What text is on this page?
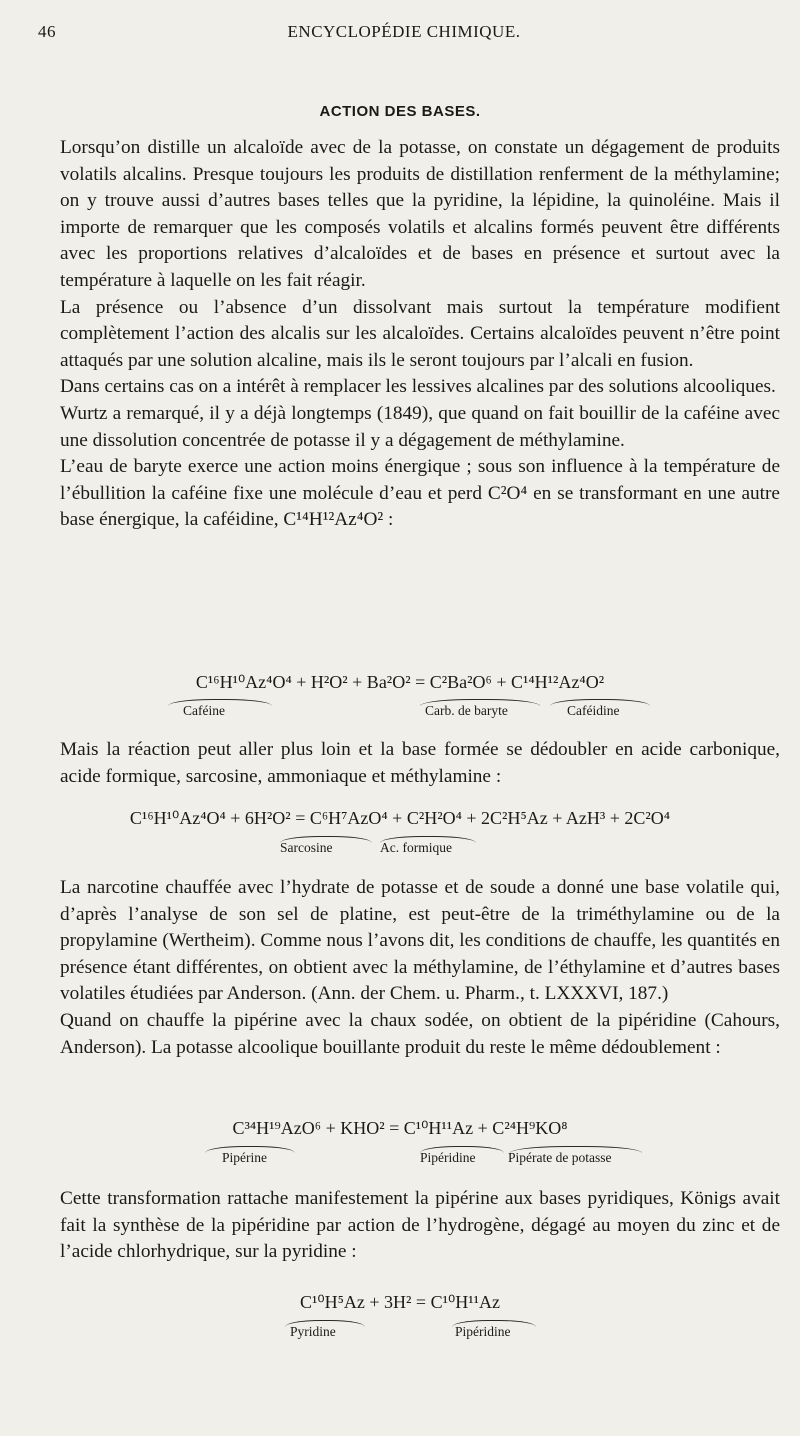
46	ENCYCLOPÉDIE CHIMIQUE.
ACTION DES BASES.

Lorsqu’on distille un alcaloïde avec de la potasse, on constate un dégagement de produits volatils alcalins. Presque toujours les produits de distillation renferment de la méthylamine; on y trouve aussi d’autres bases telles que la pyridine, la lépidine, la quinoléine. Mais il importe de remarquer que les composés volatils et alcalins formés peuvent être différents avec les proportions relatives d’alcaloïdes et de bases en présence et surtout avec la température à laquelle on les fait réagir.

La présence ou l’absence d’un dissolvant mais surtout la température modifient complètement l’action des alcalis sur les alcaloïdes. Certains alcaloïdes peuvent n’être point attaqués par une solution alcaline, mais ils le seront toujours par l’alcali en fusion.

Dans certains cas on a intérêt à remplacer les lessives alcalines par des solutions alcooliques.

Wurtz a remarqué, il y a déjà longtemps (1849), que quand on fait bouillir de la caféine avec une dissolution concentrée de potasse il y a dégagement de méthylamine.

L’eau de baryte exerce une action moins énergique ; sous son influence à la température de l’ébullition la caféine fixe une molécule d’eau et perd C²O⁴ en se transformant en une autre base énergique, la caféidine, C¹⁴H¹²Az⁴O² :

C¹⁶H¹⁰Az⁴O⁴ + H²O² + Ba²O² = C²Ba²O⁶ + C¹⁴H¹²Az⁴O²
Caféine	Carb. de baryte	Caféidine

Mais la réaction peut aller plus loin et la base formée se dédoubler en acide carbonique, acide formique, sarcosine, ammoniaque et méthylamine :

C¹⁶H¹⁰Az⁴O⁴ + 6H²O² = C⁶H⁷AzO⁴ + C²H²O⁴ + 2C²H⁵Az + AzH³ + 2C²O⁴
Sarcosine	Ac. formique

La narcotine chauffée avec l’hydrate de potasse et de soude a donné une base volatile qui, d’après l’analyse de son sel de platine, est peut-être de la triméthylamine ou de la propylamine (Wertheim). Comme nous l’avons dit, les conditions de chauffe, les quantités en présence étant différentes, on obtient avec la méthylamine, de l’éthylamine et d’autres bases volatiles étudiées par Anderson. (Ann. der Chem. u. Pharm., t. LXXXVI, 187.)

Quand on chauffe la pipérine avec la chaux sodée, on obtient de la pipéridine (Cahours, Anderson). La potasse alcoolique bouillante produit du reste le même dédoublement :

C³⁴H¹⁹AzO⁶ + KHO² = C¹⁰H¹¹Az + C²⁴H⁹KO⁸
Pipérine	Pipéridine Pipérate de potasse

Cette transformation rattache manifestement la pipérine aux bases pyridiques, Königs avait fait la synthèse de la pipéridine par action de l’hydrogène, dégagé au moyen du zinc et de l’acide chlorhydrique, sur la pyridine :

C¹⁰H⁵Az + 3H² = C¹⁰H¹¹Az
Pyridine	Pipéridine
